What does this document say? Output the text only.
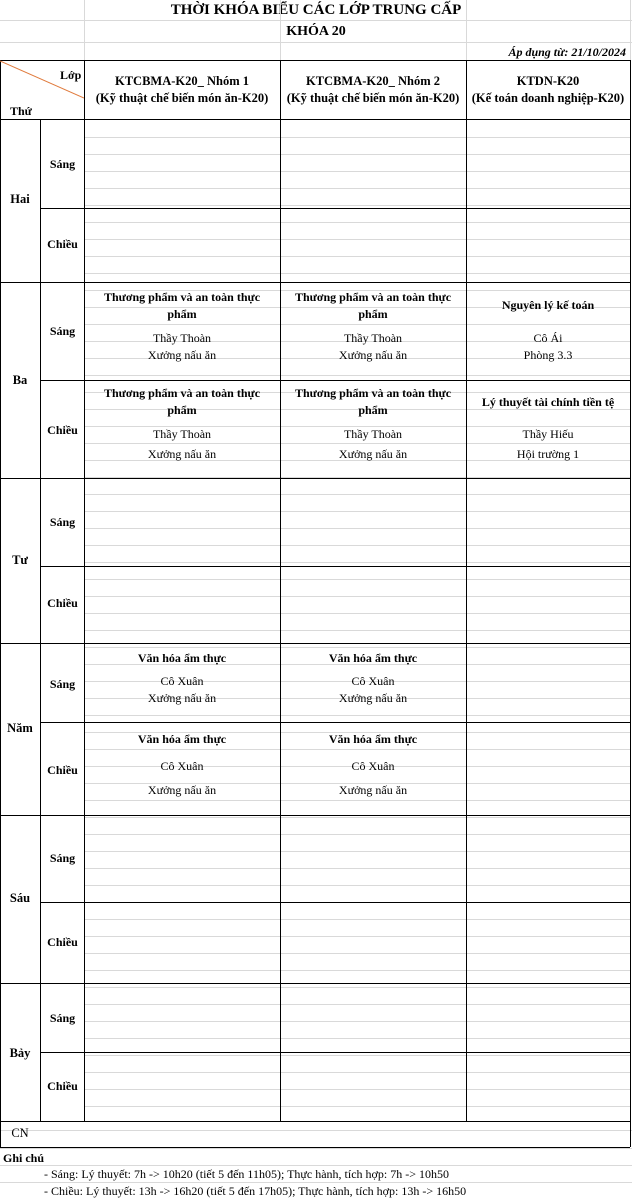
THỜI KHÓA BIỂU CÁC LỚP TRUNG CẤP
KHÓA 20
Áp dụng từ: 21/10/2024
Lớp
Thứ
KTCBMA-K20_ Nhóm 1
(Kỹ thuật chế biến món ăn-K20)
KTCBMA-K20_ Nhóm 2
(Kỹ thuật chế biến món ăn-K20)
KTDN-K20
(Kế toán doanh nghiệp-K20)
Hai
Ba
Tư
Năm
Sáu
Bảy
CN
Sáng
Chiều
Sáng
Chiều
Sáng
Chiều
Sáng
Chiều
Sáng
Chiều
Sáng
Chiều
Thương phẩm và an toàn thực phẩm
Thầy Thoàn
Xưởng nấu ăn
Thương phẩm và an toàn thực phẩm
Thầy Thoàn
Xưởng nấu ăn
Nguyên lý kế toán
Cô Ái
Phòng 3.3
Thương phẩm và an toàn thực phẩm
Thầy Thoàn
Xưởng nấu ăn
Thương phẩm và an toàn thực phẩm
Thầy Thoàn
Xưởng nấu ăn
Lý thuyết tài chính tiền tệ
Thầy Hiếu
Hội trường 1
Văn hóa ẩm thực
Cô Xuân
Xưởng nấu ăn
Văn hóa ẩm thực
Cô Xuân
Xưởng nấu ăn
Văn hóa ẩm thực
Cô Xuân
Xưởng nấu ăn
Văn hóa ẩm thực
Cô Xuân
Xưởng nấu ăn
Ghi chú
- Sáng: Lý thuyết: 7h -> 10h20 (tiết 5 đến 11h05); Thực hành, tích hợp: 7h -> 10h50
- Chiều: Lý thuyết: 13h -> 16h20 (tiết 5 đến 17h05); Thực hành, tích hợp: 13h -> 16h50
